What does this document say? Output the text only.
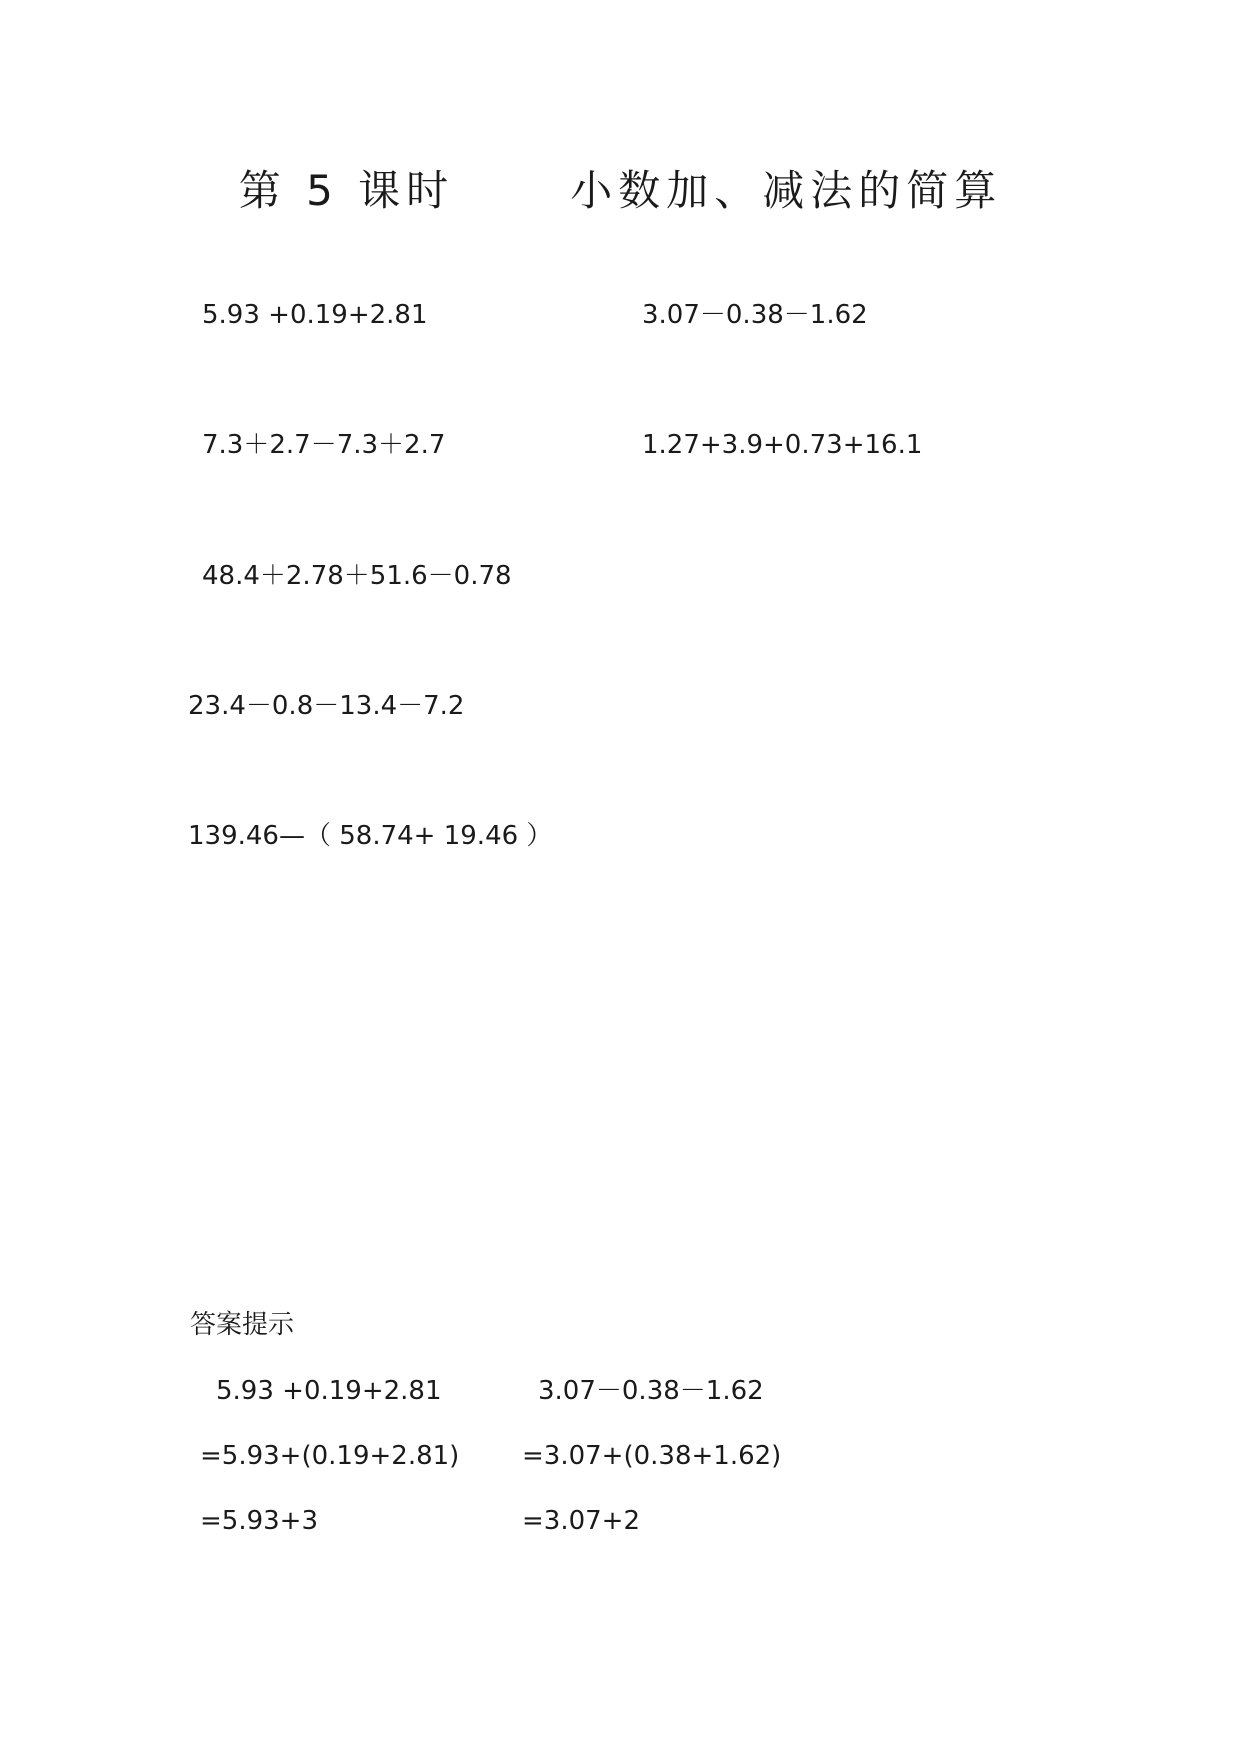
第 5 课时      小数加、减法的简算
5.93 +0.19+2.81	3.07－0.38－1.62
7.3＋2.7－7.3＋2.7	1.27+3.9+0.73+16.1
48.4＋2.78＋51.6－0.78
23.4－0.8－13.4－7.2
139.46—（ 58.74+ 19.46 ）
答案提示
5.93 +0.19+2.81	3.07－0.38－1.62
=5.93+(0.19+2.81) =3.07+(0.38+1.62)
=5.93+3	=3.07+2
